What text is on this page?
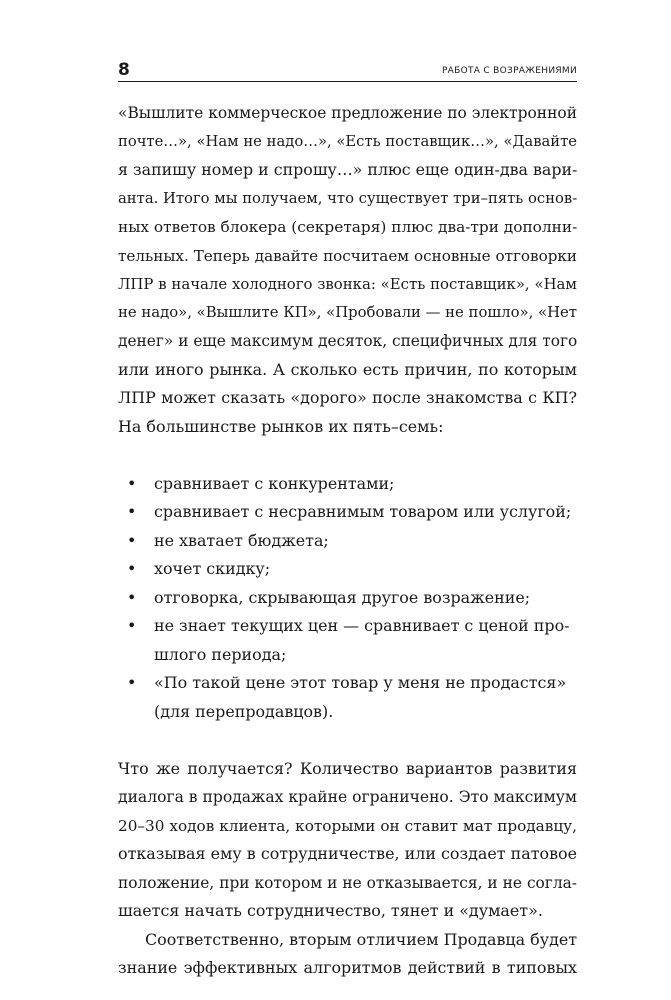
8	РАБОТА С ВОЗРАЖЕНИЯМИ

«Вышлите коммерческое предложение по электронной
почте…», «Нам не надо…», «Есть поставщик…», «Давайте
я запишу номер и спрошу…» плюс еще один-два вари-
анта. Итого мы получаем, что существует три–пять основ-
ных ответов блокера (секретаря) плюс два-три дополни-
тельных. Теперь давайте посчитаем основные отговорки
ЛПР в начале холодного звонка: «Есть поставщик», «Нам
не надо», «Вышлите КП», «Пробовали — не пошло», «Нет
денег» и еще максимум десяток, специфичных для того
или иного рынка. А сколько есть причин, по которым
ЛПР может сказать «дорого» после знакомства с КП?
На большинстве рынков их пять–семь:

• сравнивает с конкурентами;
• сравнивает с несравнимым товаром или услугой;
• не хватает бюджета;
• хочет скидку;
• отговорка, скрывающая другое возражение;
• не знает текущих цен — сравнивает с ценой про-
шлого периода;
• «По такой цене этот товар у меня не продастся»
(для перепродавцов).

Что же получается? Количество вариантов развития
диалога в продажах крайне ограничено. Это максимум
20–30 ходов клиента, которыми он ставит мат продавцу,
отказывая ему в сотрудничестве, или создает патовое
положение, при котором и не отказывается, и не согла-
шается начать сотрудничество, тянет и «думает».

Соответственно, вторым отличием Продавца будет
знание эффективных алгоритмов действий в типовых
